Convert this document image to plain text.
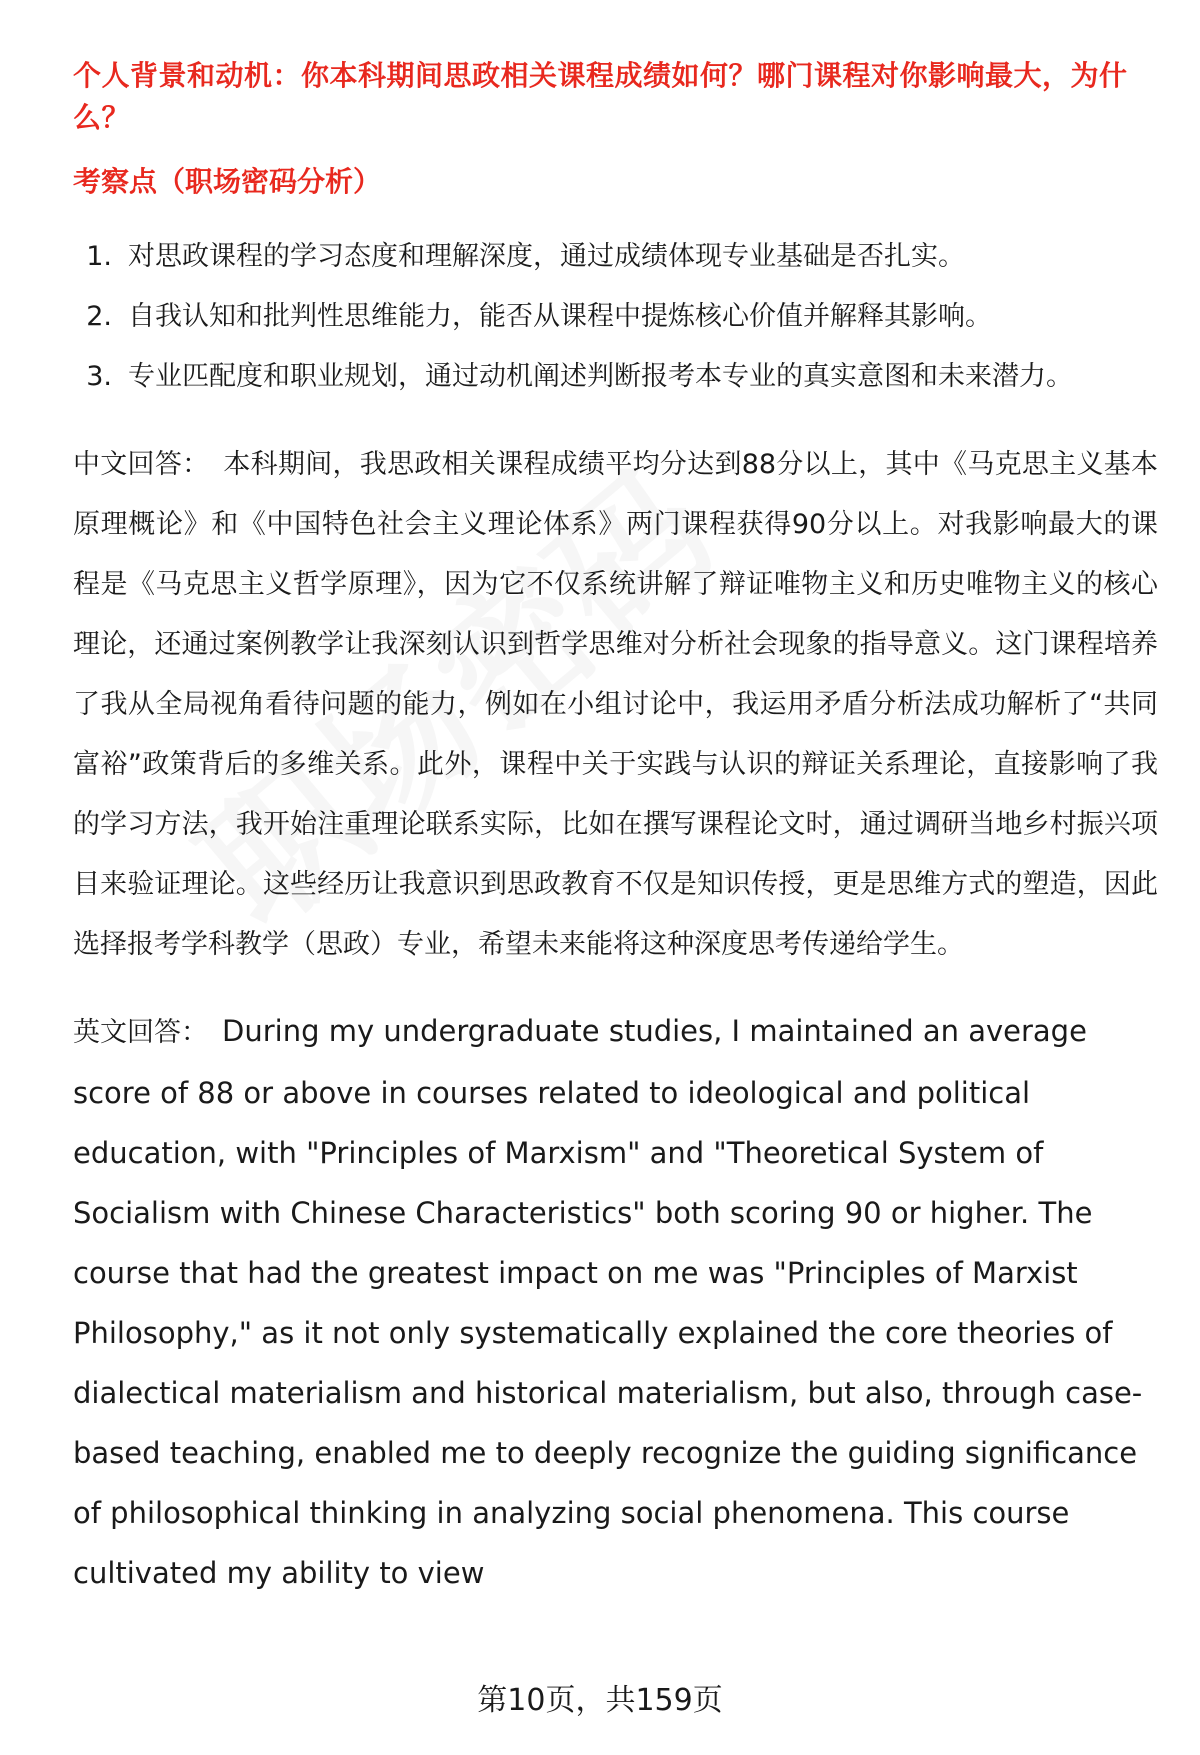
个人背景和动机：你本科期间思政相关课程成绩如何？哪门课程对你影响最大，为什么？
考察点（职场密码分析）
1. 对思政课程的学习态度和理解深度，通过成绩体现专业基础是否扎实。
2. 自我认知和批判性思维能力，能否从课程中提炼核心价值并解释其影响。
3. 专业匹配度和职业规划，通过动机阐述判断报考本专业的真实意图和未来潜力。

中文回答： 本科期间，我思政相关课程成绩平均分达到88分以上，其中《马克思主义基本原理概论》和《中国特色社会主义理论体系》两门课程获得90分以上。对我影响最大的课程是《马克思主义哲学原理》，因为它不仅系统讲解了辩证唯物主义和历史唯物主义的核心理论，还通过案例教学让我深刻认识到哲学思维对分析社会现象的指导意义。这门课程培养了我从全局视角看待问题的能力，例如在小组讨论中，我运用矛盾分析法成功解析了“共同富裕”政策背后的多维关系。此外，课程中关于实践与认识的辩证关系理论，直接影响了我的学习方法，我开始注重理论联系实际，比如在撰写课程论文时，通过调研当地乡村振兴项目来验证理论。这些经历让我意识到思政教育不仅是知识传授，更是思维方式的塑造，因此选择报考学科教学（思政）专业，希望未来能将这种深度思考传递给学生。

英文回答： During my undergraduate studies, I maintained an average score of 88 or above in courses related to ideological and political education, with "Principles of Marxism" and "Theoretical System of Socialism with Chinese Characteristics" both scoring 90 or higher. The course that had the greatest impact on me was "Principles of Marxist Philosophy," as it not only systematically explained the core theories of dialectical materialism and historical materialism, but also, through case-based teaching, enabled me to deeply recognize the guiding significance of philosophical thinking in analyzing social phenomena. This course cultivated my ability to view

第10页，共159页
